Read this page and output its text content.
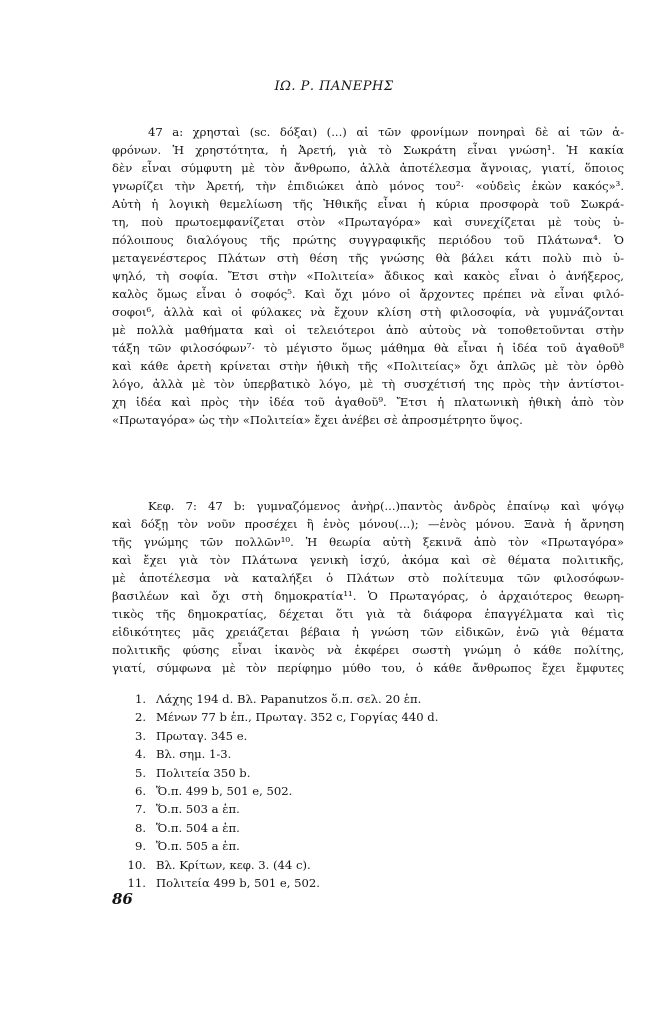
ΙΩ. Ρ. ΠΑΝΕΡΗΣ
47 a: χρησταὶ (sc. δόξαι) (...) αἱ τῶν φρονίμων πονηραὶ δὲ αἱ τῶν ἀ-
φρόνων. Ἡ χρηστότητα, ἡ Ἀρετή, γιὰ τὸ Σωκράτη εἶναι γνώση¹. Ἡ κακία
δὲν εἶναι σύμφυτη μὲ τὸν ἄνθρωπο, ἀλλὰ ἀποτέλεσμα ἄγνοιας, γιατί, ὅποιος
γνωρίζει τὴν Ἀρετή, τὴν ἐπιδιώκει ἀπὸ μόνος του²· «οὐδεὶς ἑκὼν κακός»³.
Αὐτὴ ἡ λογικὴ θεμελίωση τῆς Ἠθικῆς εἶναι ἡ κύρια προσφορὰ τοῦ Σωκρά-
τη, ποὺ πρωτοεμφανίζεται στὸν «Πρωταγόρα» καὶ συνεχίζεται μὲ τοὺς ὑ-
πόλοιπους διαλόγους τῆς πρώτης συγγραφικῆς περιόδου τοῦ Πλάτωνα⁴. Ὁ
μεταγενέστερος Πλάτων στὴ θέση τῆς γνώσης θὰ βάλει κάτι πολὺ πιὸ ὑ-
ψηλό, τὴ σοφία. Ἔτσι στὴν «Πολιτεία» ἄδικος καὶ κακὸς εἶναι ὁ ἀνήξερος,
καλὸς ὅμως εἶναι ὁ σοφός⁵. Καὶ ὄχι μόνο οἱ ἄρχοντες πρέπει νὰ εἶναι φιλό-
σοφοι⁶, ἀλλὰ καὶ οἱ φύλακες νὰ ἔχουν κλίση στὴ φιλοσοφία, νὰ γυμνάζονται
μὲ πολλὰ μαθήματα καὶ οἱ τελειότεροι ἀπὸ αὐτοὺς νὰ τοποθετοῦνται στὴν
τάξη τῶν φιλοσόφων⁷· τὸ μέγιστο ὅμως μάθημα θὰ εἶναι ἡ ἰδέα τοῦ ἀγαθοῦ⁸
καὶ κάθε ἀρετὴ κρίνεται στὴν ἠθικὴ τῆς «Πολιτείας» ὄχι ἁπλῶς μὲ τὸν ὀρθὸ
λόγο, ἀλλὰ μὲ τὸν ὑπερβατικὸ λόγο, μὲ τὴ συσχέτισή της πρὸς τὴν ἀντίστοι-
χη ἰδέα καὶ πρὸς τὴν ἰδέα τοῦ ἀγαθοῦ⁹. Ἔτσι ἡ πλατωνικὴ ἠθικὴ ἀπὸ τὸν
«Πρωταγόρα» ὡς τὴν «Πολιτεία» ἔχει ἀνέβει σὲ ἀπροσμέτρητο ὕψος.
Κεφ. 7: 47 b: γυμναζόμενος ἀνὴρ(...)παντὸς ἀνδρὸς ἐπαίνῳ καὶ ψόγῳ
καὶ δόξῃ τὸν νοῦν προσέχει ἢ ἑνὸς μόνου(...); —ἑνὸς μόνου. Ξανὰ ἡ ἄρνηση
τῆς γνώμης τῶν πολλῶν¹⁰. Ἡ θεωρία αὐτὴ ξεκινᾶ ἀπὸ τὸν «Πρωταγόρα»
καὶ ἔχει γιὰ τὸν Πλάτωνα γενικὴ ἰσχύ, ἀκόμα καὶ σὲ θέματα πολιτικῆς,
μὲ ἀποτέλεσμα νὰ καταλήξει ὁ Πλάτων στὸ πολίτευμα τῶν φιλοσόφων-
βασιλέων καὶ ὄχι στὴ δημοκρατία¹¹. Ὁ Πρωταγόρας, ὁ ἀρχαιότερος θεωρη-
τικὸς τῆς δημοκρατίας, δέχεται ὅτι γιὰ τὰ διάφορα ἐπαγγέλματα καὶ τὶς
εἰδικότητες μᾶς χρειάζεται βέβαια ἡ γνώση τῶν εἰδικῶν, ἐνῶ γιὰ θέματα
πολιτικῆς φύσης εἶναι ἱκανὸς νὰ ἐκφέρει σωστὴ γνώμη ὁ κάθε πολίτης,
γιατί, σύμφωνα μὲ τὸν περίφημο μύθο του, ὁ κάθε ἄνθρωπος ἔχει ἔμφυτες
1. Λάχης 194 d. Βλ. Papanutzos ὅ.π. σελ. 20 ἑπ.
2. Μένων 77 b ἑπ., Πρωταγ. 352 c, Γοργίας 440 d.
3. Πρωταγ. 345 e.
4. Βλ. σημ. 1-3.
5. Πολιτεία 350 b.
6. Ὅ.π. 499 b, 501 e, 502.
7. Ὅ.π. 503 a ἑπ.
8. Ὅ.π. 504 a ἑπ.
9. Ὅ.π. 505 a ἑπ.
10. Βλ. Κρίτων, κεφ. 3. (44 c).
11. Πολιτεία 499 b, 501 e, 502.
86
